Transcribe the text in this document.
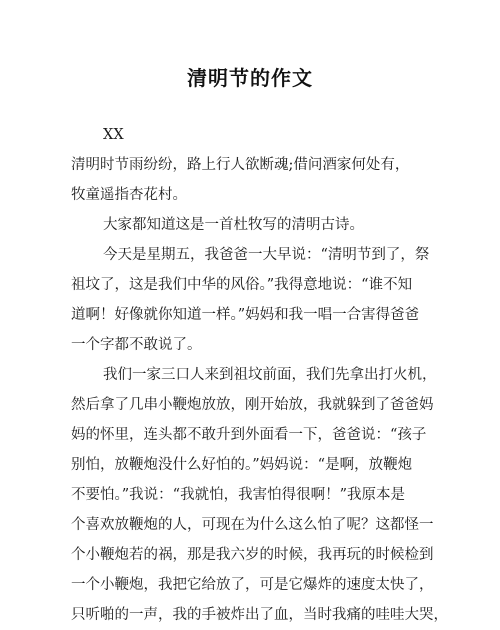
清明节的作文
XX
清明时节雨纷纷，路上行人欲断魂;借问酒家何处有，
牧童遥指杏花村。
大家都知道这是一首杜牧写的清明古诗。
今天是星期五，我爸爸一大早说：“清明节到了，祭
祖坟了，这是我们中华的风俗。”我得意地说：“谁不知
道啊！好像就你知道一样。”妈妈和我一唱一合害得爸爸
一个字都不敢说了。
我们一家三口人来到祖坟前面，我们先拿出打火机，
然后拿了几串小鞭炮放放，刚开始放，我就躲到了爸爸妈
妈的怀里，连头都不敢升到外面看一下，爸爸说：“孩子
别怕，放鞭炮没什么好怕的。”妈妈说：“是啊，放鞭炮
不要怕。”我说：“我就怕，我害怕得很啊！”我原本是
个喜欢放鞭炮的人，可现在为什么这么怕了呢？这都怪一
个小鞭炮若的祸，那是我六岁的时候，我再玩的时候检到
一个小鞭炮，我把它给放了，可是它爆炸的速度太快了，
只听啪的一声，我的手被炸出了血，当时我痛的哇哇大哭，
